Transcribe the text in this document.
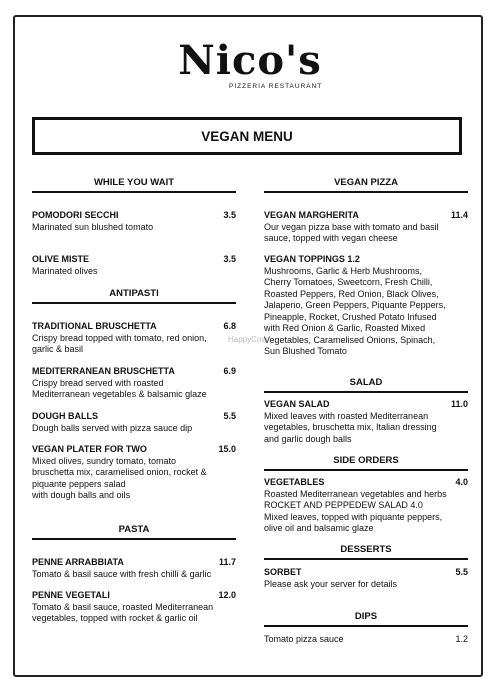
Nico's
PIZZERIA RESTAURANT
VEGAN MENU
HappyCow
WHILE YOU WAIT
POMODORI SECCHI	3.5
Marinated sun blushed tomato
OLIVE MISTE	3.5
Marinated olives
ANTIPASTI
TRADITIONAL BRUSCHETTA	6.8
Crispy bread topped with tomato, red onion,
garlic & basil
MEDITERRANEAN BRUSCHETTA	6.9
Crispy bread served with roasted
Mediterranean vegetables & balsamic glaze
DOUGH BALLS	5.5
Dough balls served with pizza sauce dip
VEGAN PLATER FOR TWO	15.0
Mixed olives, sundry tomato, tomato
bruschetta mix, caramelised onion, rocket &
piquante peppers salad
with dough balls and oils
PASTA
PENNE ARRABBIATA	11.7
Tomato & basil sauce with fresh chilli & garlic
PENNE VEGETALI	12.0
Tomato & basil sauce, roasted Mediterranean
vegetables, topped with rocket & garlic oil
VEGAN PIZZA
VEGAN MARGHERITA	11.4
Our vegan pizza base with tomato and basil
sauce, topped with vegan cheese
VEGAN TOPPINGS 1.2
Mushrooms, Garlic & Herb Mushrooms,
Cherry Tomatoes, Sweetcorn, Fresh Chilli,
Roasted Peppers, Red Onion, Black Olives,
Jalapeno, Green Peppers, Piquante Peppers,
Pineapple, Rocket, Crushed Potato Infused
with Red Onion & Garlic, Roasted Mixed
Vegetables, Caramelised Onions, Spinach,
Sun Blushed Tomato
SALAD
VEGAN SALAD	11.0
Mixed leaves with roasted Mediterranean
vegetables, bruschetta mix, Italian dressing
and garlic dough balls
SIDE ORDERS
VEGETABLES	4.0
Roasted Mediterranean vegetables and herbs
ROCKET AND PEPPEDEW SALAD 4.0
Mixed leaves, topped with piquante peppers,
olive oil and balsamic glaze
DESSERTS
SORBET	5.5
Please ask your server for details
DIPS
Tomato pizza sauce	1.2
